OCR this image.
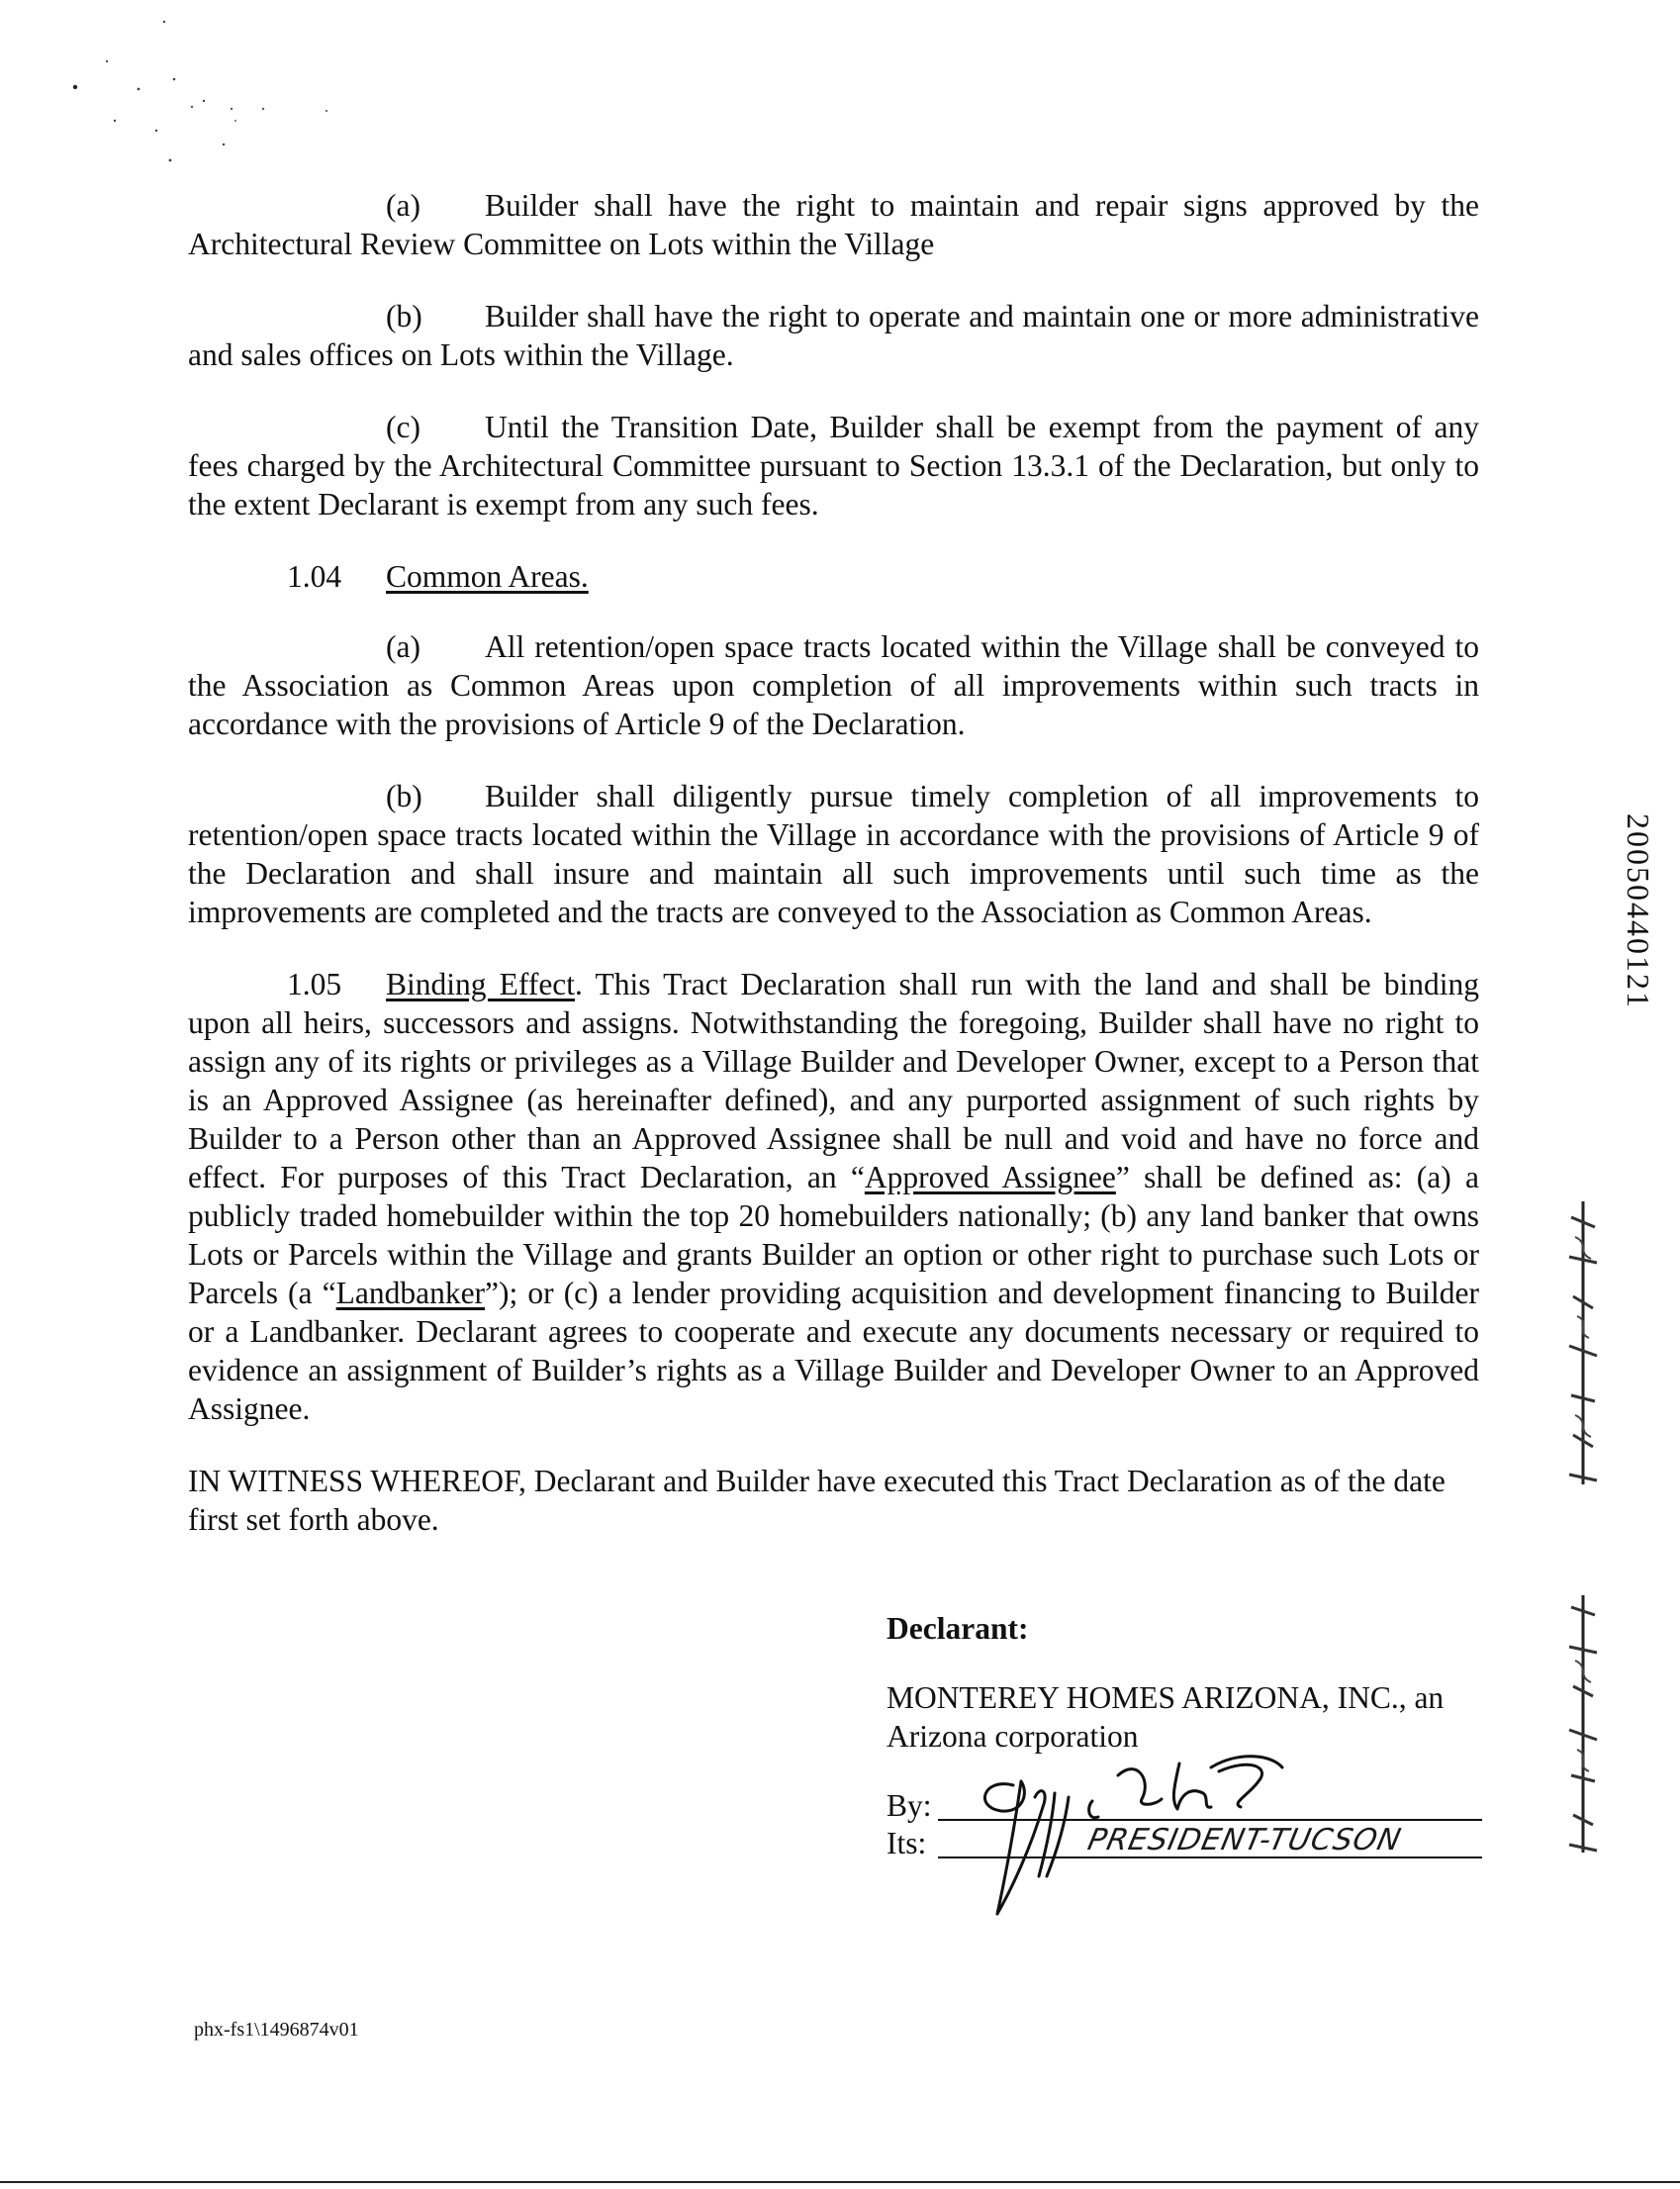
(a) Builder shall have the right to maintain and repair signs approved by the Architectural Review Committee on Lots within the Village

(b) Builder shall have the right to operate and maintain one or more administrative and sales offices on Lots within the Village.

(c) Until the Transition Date, Builder shall be exempt from the payment of any fees charged by the Architectural Committee pursuant to Section 13.3.1 of the Declaration, but only to the extent Declarant is exempt from any such fees.

1.04 Common Areas.

(a) All retention/open space tracts located within the Village shall be conveyed to the Association as Common Areas upon completion of all improvements within such tracts in accordance with the provisions of Article 9 of the Declaration.

(b) Builder shall diligently pursue timely completion of all improvements to retention/open space tracts located within the Village in accordance with the provisions of Article 9 of the Declaration and shall insure and maintain all such improvements until such time as the improvements are completed and the tracts are conveyed to the Association as Common Areas.

1.05 Binding Effect. This Tract Declaration shall run with the land and shall be binding upon all heirs, successors and assigns. Notwithstanding the foregoing, Builder shall have no right to assign any of its rights or privileges as a Village Builder and Developer Owner, except to a Person that is an Approved Assignee (as hereinafter defined), and any purported assignment of such rights by Builder to a Person other than an Approved Assignee shall be null and void and have no force and effect. For purposes of this Tract Declaration, an “Approved Assignee” shall be defined as: (a) a publicly traded homebuilder within the top 20 homebuilders nationally; (b) any land banker that owns Lots or Parcels within the Village and grants Builder an option or other right to purchase such Lots or Parcels (a “Landbanker”); or (c) a lender providing acquisition and development financing to Builder or a Landbanker. Declarant agrees to cooperate and execute any documents necessary or required to evidence an assignment of Builder’s rights as a Village Builder and Developer Owner to an Approved Assignee.

IN WITNESS WHEREOF, Declarant and Builder have executed this Tract Declaration as of the date first set forth above.

Declarant:

MONTEREY HOMES ARIZONA, INC., an Arizona corporation

By:
Its:	PRESIDENT-TUCSON
phx-fs1\1496874v01
20050440121
